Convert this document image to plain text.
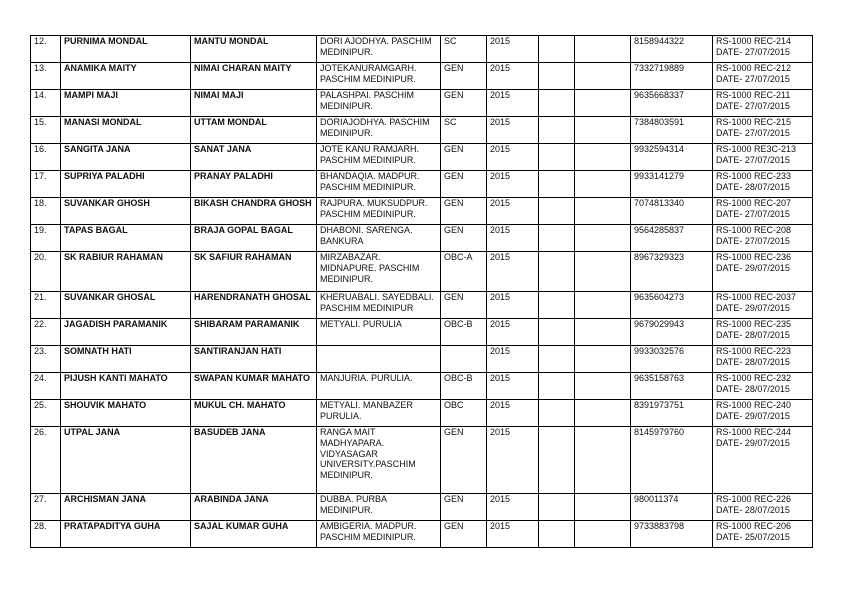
12.	PURNIMA MONDAL	MANTU MONDAL	DORI AJODHYA. PASCHIM MEDINIPUR.	SC	2015			8158944322	RS-1000 REC-214 DATE- 27/07/2015
13.	ANAMIKA MAITY	NIMAI CHARAN MAITY	JOTEKANURAMGARH. PASCHIM MEDINIPUR.	GEN	2015			7332719889	RS-1000 REC-212 DATE- 27/07/2015
14.	MAMPI MAJI	NIMAI MAJI	PALASHPAI. PASCHIM MEDINIPUR.	GEN	2015			9635668337	RS-1000 REC-211 DATE- 27/07/2015
15.	MANASI MONDAL	UTTAM MONDAL	DORIAJODHYA. PASCHIM MEDINIPUR.	SC	2015			7384803591	RS-1000 REC-215 DATE- 27/07/2015
16.	SANGITA JANA	SANAT JANA	JOTE KANU RAMJARH. PASCHIM MEDINIPUR.	GEN	2015			9932594314	RS-1000 RE3C-213 DATE- 27/07/2015
17.	SUPRIYA PALADHI	PRANAY PALADHI	BHANDAQIA. MADPUR. PASCHIM MEDINIPUR.	GEN	2015			9933141279	RS-1000 REC-233 DATE- 28/07/2015
18.	SUVANKAR GHOSH	BIKASH CHANDRA GHOSH	RAJPURA. MUKSUDPUR. PASCHIM MEDINIPUR.	GEN	2015			7074813340	RS-1000 REC-207 DATE- 27/07/2015
19.	TAPAS BAGAL	BRAJA GOPAL BAGAL	DHABONI. SARENGA. BANKURA	GEN	2015			9564285837	RS-1000 REC-208 DATE- 27/07/2015
20.	SK RABIUR RAHAMAN	SK SAFIUR RAHAMAN	MIRZABAZAR. MIDNAPURE. PASCHIM MEDINIPUR.	OBC-A	2015			8967329323	RS-1000 REC-236 DATE- 29/07/2015
21.	SUVANKAR GHOSAL	HARENDRANATH GHOSAL	KHERUABALI. SAYEDBALI. PASCHIM MEDINIPUR	GEN	2015			9635604273	RS-1000 REC-2037 DATE- 29/07/2015
22.	JAGADISH PARAMANIK	SHIBARAM PARAMANIK	METYALI. PURULIA	OBC-B	2015			9679029943	RS-1000 REC-235 DATE- 28/07/2015
23.	SOMNATH HATI	SANTIRANJAN HATI			2015			9933032576	RS-1000 REC-223 DATE- 28/07/2015
24.	PIJUSH KANTI MAHATO	SWAPAN KUMAR MAHATO	MANJURIA. PURULIA.	OBC-B	2015			9635158763	RS-1000 REC-232 DATE- 28/07/2015
25.	SHOUVIK MAHATO	MUKUL CH. MAHATO	METYALI. MANBAZER PURULIA.	OBC	2015			8391973751	RS-1000 REC-240 DATE- 29/07/2015
26.	UTPAL JANA	BASUDEB JANA	RANGA MAIT MADHYAPARA. VIDYASAGAR UNIVERSITY.PASCHIM MEDINIPUR.	GEN	2015			8145979760	RS-1000 REC-244 DATE- 29/07/2015
27.	ARCHISMAN JANA	ARABINDA JANA	DUBBA. PURBA MEDINIPUR.	GEN	2015			980011374	RS-1000 REC-226 DATE- 28/07/2015
28.	PRATAPADITYA GUHA	SAJAL KUMAR GUHA	AMBIGERIA. MADPUR. PASCHIM MEDINIPUR.	GEN	2015			9733883798	RS-1000 REC-206 DATE- 25/07/2015
